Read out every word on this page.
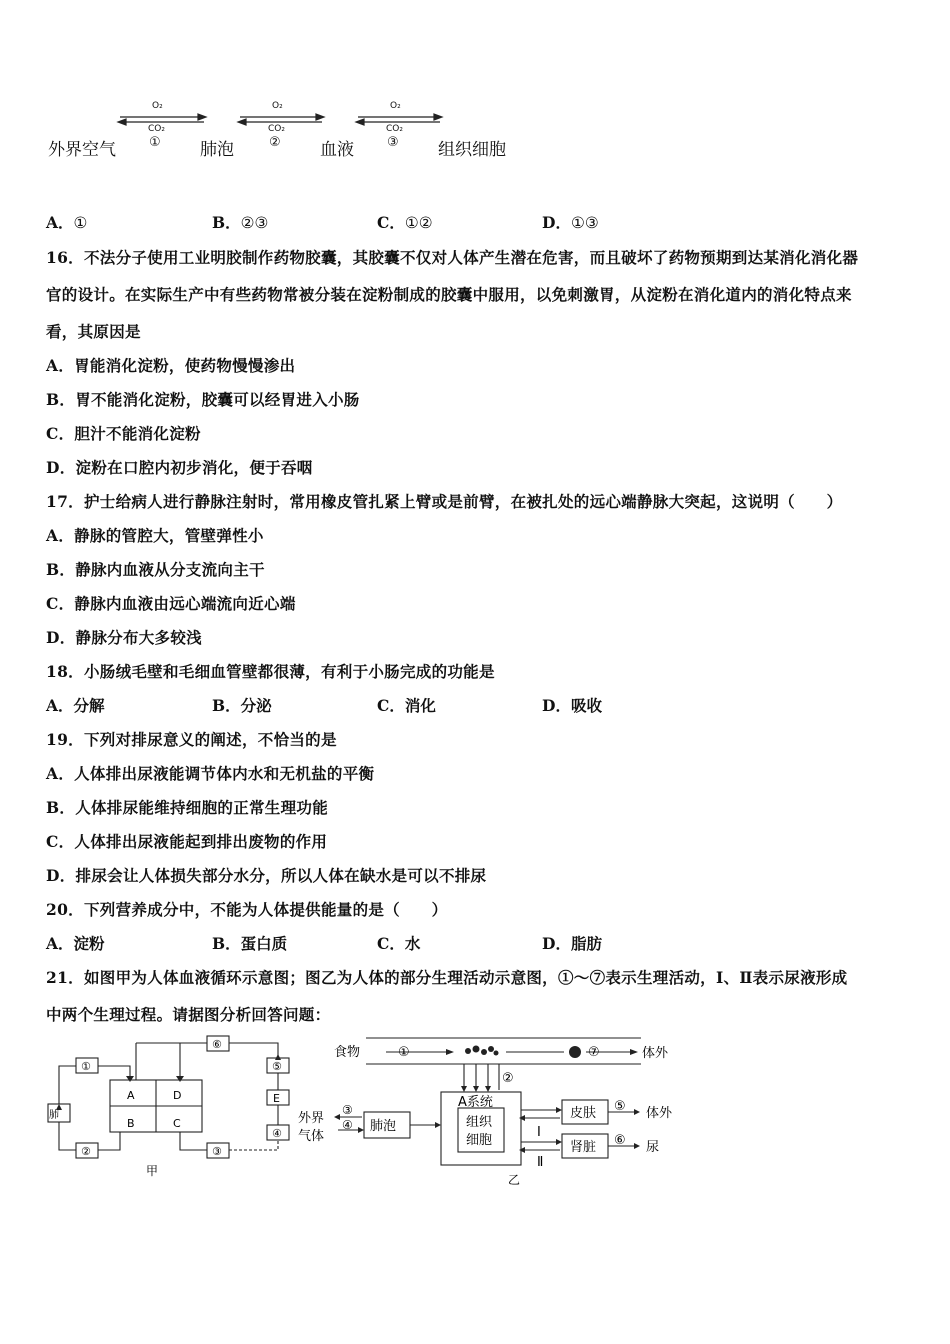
外界空气	肺泡	血液	组织细胞
O₂
CO₂
O₂
CO₂
O₂
CO₂
①	②	③
A．①	B．②③	C．①②	D．①③
16．不法分子使用工业明胶制作药物胶囊，其胶囊不仅对人体产生潜在危害，而且破坏了药物预期到达某消化消化器
官的设计。在实际生产中有些药物常被分装在淀粉制成的胶囊中服用，以免刺激胃，从淀粉在消化道内的消化特点来
看，其原因是
A．胃能消化淀粉，使药物慢慢渗出
B．胃不能消化淀粉，胶囊可以经胃进入小肠
C．胆汁不能消化淀粉
D．淀粉在口腔内初步消化，便于吞咽
17．护士给病人进行静脉注射时，常用橡皮管扎紧上臂或是前臂，在被扎处的远心端静脉大突起，这说明（　　）
A．静脉的管腔大，管壁弹性小
B．静脉内血液从分支流向主干
C．静脉内血液由远心端流向近心端
D．静脉分布大多较浅
18．小肠绒毛壁和毛细血管壁都很薄，有利于小肠完成的功能是
A．分解	B．分泌	C．消化	D．吸收
19．下列对排尿意义的阐述，不恰当的是
A．人体排出尿液能调节体内水和无机盐的平衡
B．人体排尿能维持细胞的正常生理功能
C．人体排出尿液能起到排出废物的作用
D．排尿会让人体损失部分水分，所以人体在缺水是可以不排尿
20．下列营养成分中，不能为人体提供能量的是（　　）
A．淀粉	B．蛋白质	C．水	D．脂肪
21．如图甲为人体血液循环示意图；图乙为人体的部分生理活动示意图，①～⑦表示生理活动，Ⅰ、Ⅱ表示尿液形成
中两个生理过程。请据图分析回答问题：
肺
A	D
B	C
①
②	③
④
⑤
⑥
E
甲
食物	体外
外界
气体
肺泡
A系统
组织
细胞
皮肤
肾脏
体外
尿
Ⅰ
Ⅱ
①
②
③
④
⑤
⑥
⑦
乙
